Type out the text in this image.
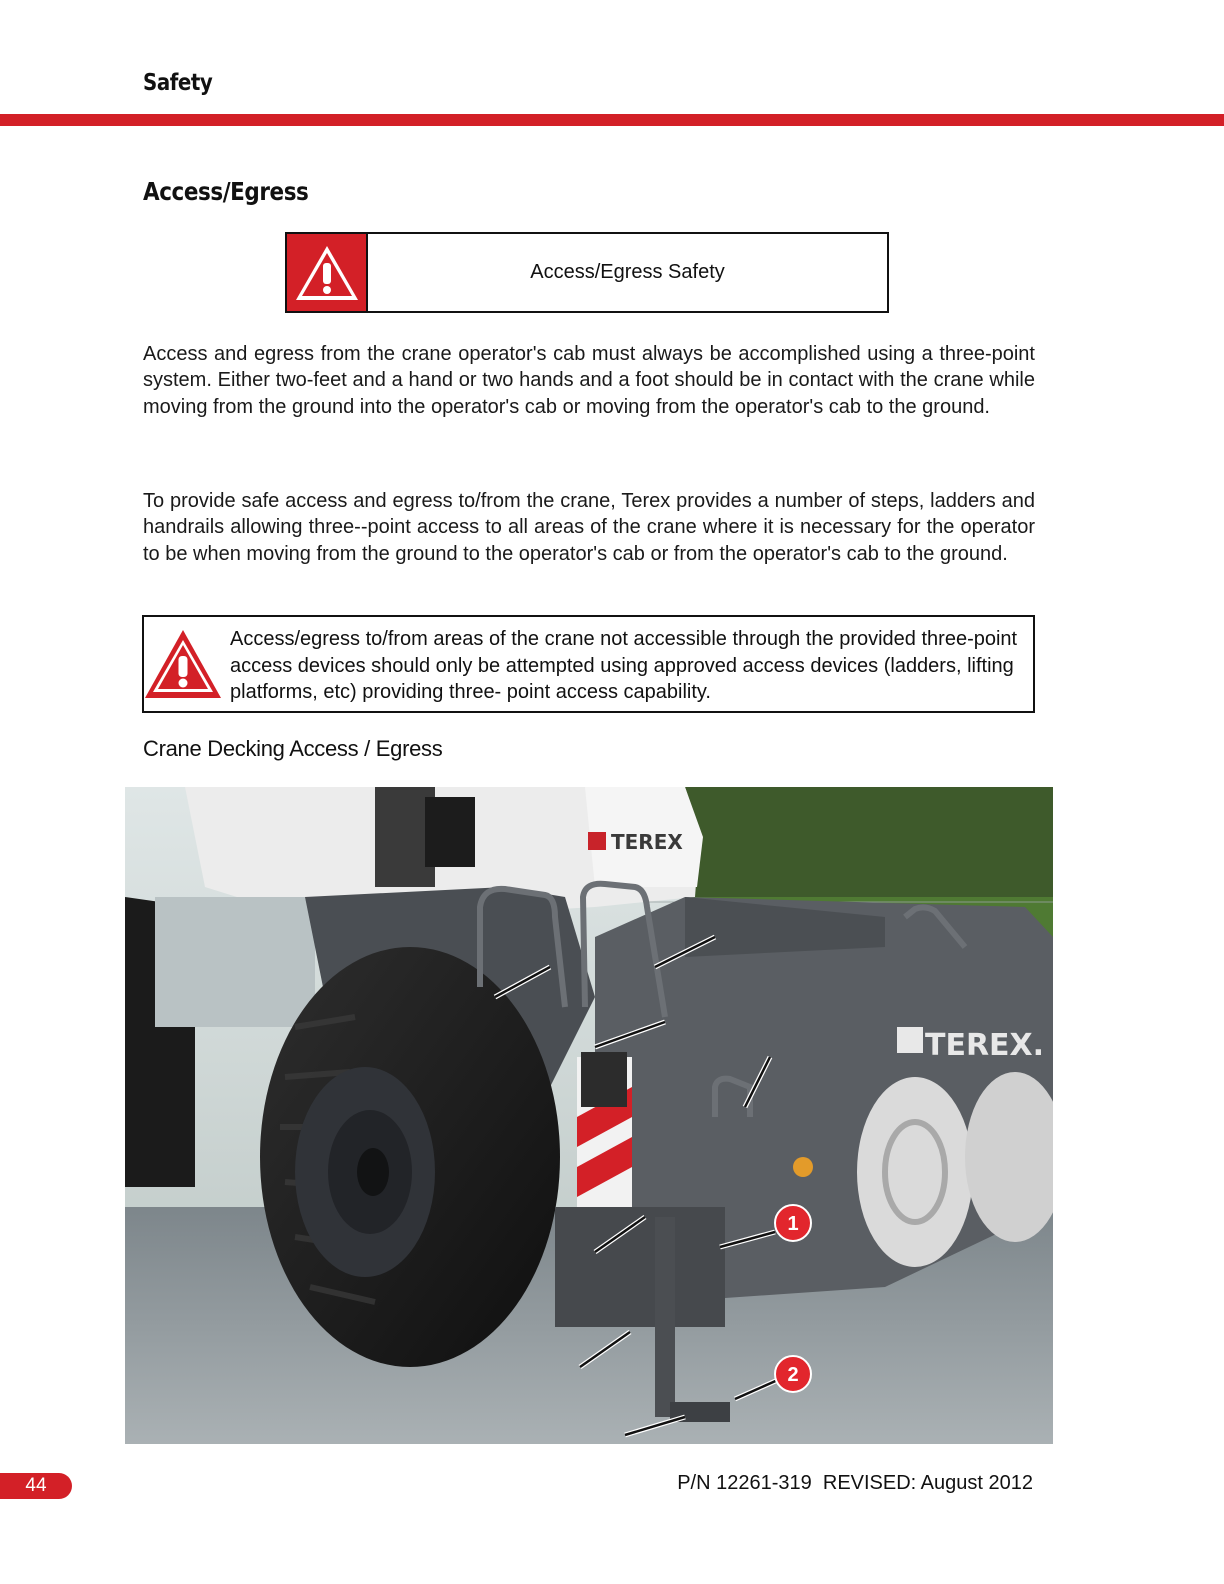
Safety
Access/Egress
Access/Egress Safety
Access and egress from the crane operator's cab must always be accomplished using a three-point system. Either two-feet and a hand or two hands and a foot should be in contact with the crane while moving from the ground into the operator's cab or moving from the operator's cab to the ground.
To provide safe access and egress to/from the crane, Terex provides a number of steps, ladders and handrails allowing three--point access to all areas of the crane where it is necessary for the operator to be when moving from the ground to the operator's cab or from the operator's cab to the ground.
Access/egress to/from areas of the crane not accessible through the provided three-point access devices should only be attempted using approved access devices (ladders, lifting platforms, etc) providing three- point access capability.
Crane Decking Access / Egress
TEREX
TEREX.
1
2
44	P/N 12261-319  REVISED: August 2012
